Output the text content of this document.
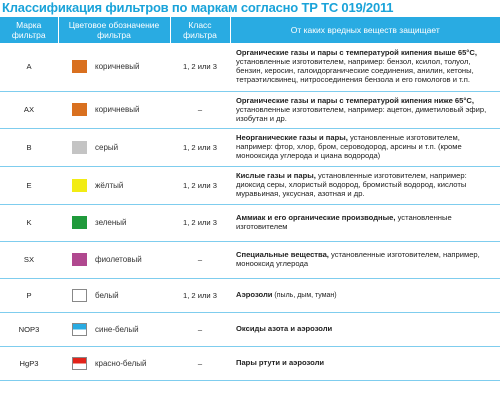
Классификация фильтров по маркам согласно ТР ТС 019/2011
Марка фильтра	Цветовое обозначение фильтра	Класс фильтра	От каких вредных веществ защищает
A	коричневый	1, 2 или 3	Органические газы и пары с температурой кипения выше 65°С, установленные изготовителем, например: бензол, ксилол, толуол, бензин, керосин, галоидорганические соединения, анилин, кетоны, тетраэтилсвинец, нитросоединения бензола и его гомологов и т.п.
AX	коричневый	–	Органические газы и пары с температурой кипения ниже 65°С, установленные изготовителем, например: ацетон, диметиловый эфир, изобутан и др.
B	серый	1, 2 или 3	Неорганические газы и пары, установленные изготовителем, например: фтор, хлор, бром, сероводород, арсины и т.п. (кроме монооксида углерода и циана водорода)
E	жёлтый	1, 2 или 3	Кислые газы и пары, установленные изготовителем, например: диоксид серы, хлористый водород, бромистый водород, кислоты муравьиная, уксусная, азотная и др.
K	зеленый	1, 2 или 3	Аммиак и его органические производные, установленные изготовителем
SX	фиолетовый	–	Специальные вещества, установленные изготовителем, например, монооксид углерода
P	белый	1, 2 или 3	Аэрозоли (пыль, дым, туман)
NOP3	сине-белый	–	Оксиды азота и аэрозоли
HgP3	красно-белый	–	Пары ртути и аэрозоли
